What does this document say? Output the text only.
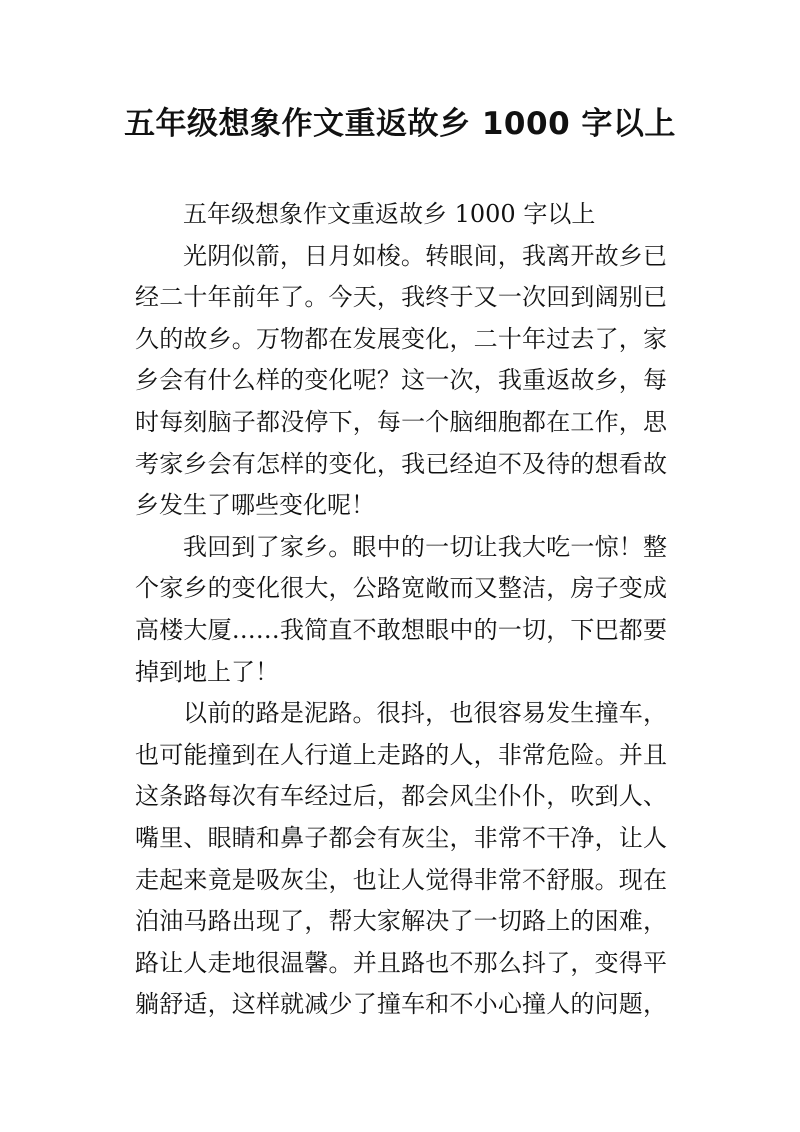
五年级想象作文重返故乡 1000 字以上
五年级想象作文重返故乡 1000 字以上
光阴似箭，日月如梭。转眼间，我离开故乡已
经二十年前年了。今天，我终于又一次回到阔别已
久的故乡。万物都在发展变化，二十年过去了，家
乡会有什么样的变化呢？这一次，我重返故乡，每
时每刻脑子都没停下，每一个脑细胞都在工作，思
考家乡会有怎样的变化，我已经迫不及待的想看故
乡发生了哪些变化呢！
我回到了家乡。眼中的一切让我大吃一惊！整
个家乡的变化很大，公路宽敞而又整洁，房子变成
高楼大厦……我简直不敢想眼中的一切，下巴都要
掉到地上了！
以前的路是泥路。很抖，也很容易发生撞车，
也可能撞到在人行道上走路的人，非常危险。并且
这条路每次有车经过后，都会风尘仆仆，吹到人、
嘴里、眼睛和鼻子都会有灰尘，非常不干净，让人
走起来竟是吸灰尘，也让人觉得非常不舒服。现在
泊油马路出现了，帮大家解决了一切路上的困难，
路让人走地很温馨。并且路也不那么抖了，变得平
躺舒适，这样就减少了撞车和不小心撞人的问题，
